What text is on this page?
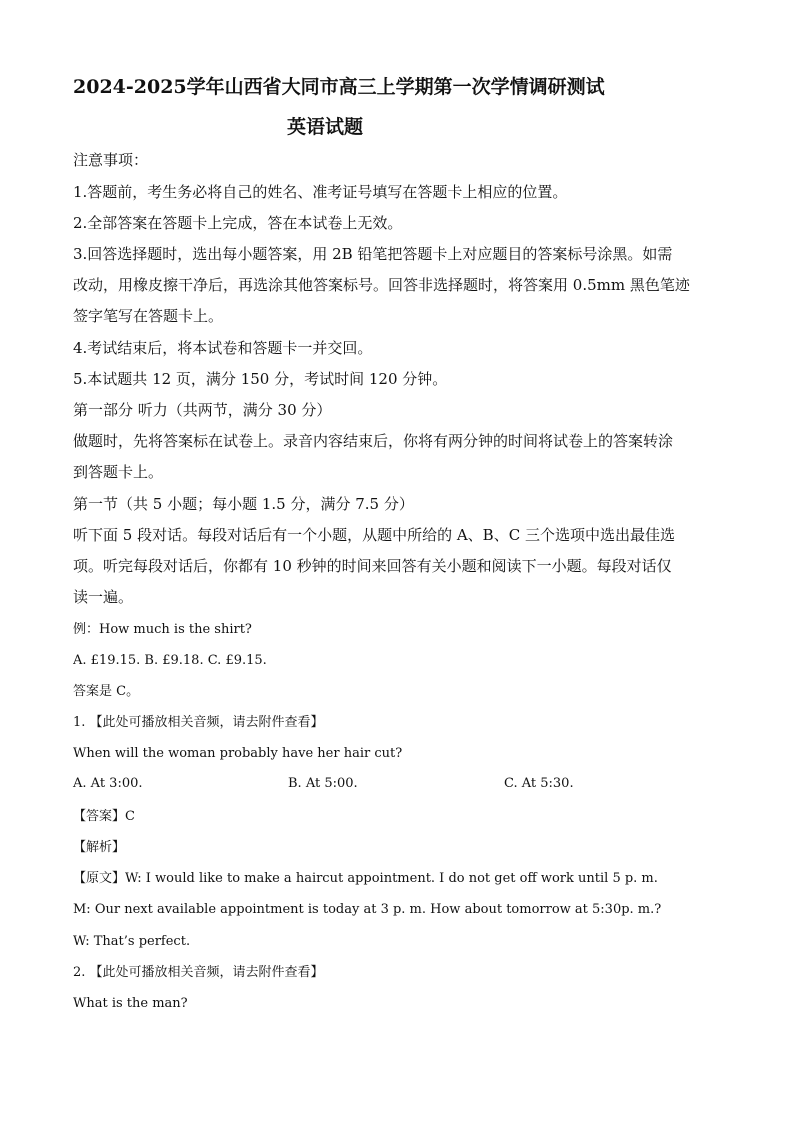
2024-2025学年山西省大同市高三上学期第一次学情调研测试
英语试题
注意事项：
1.答题前，考生务必将自己的姓名、准考证号填写在答题卡上相应的位置。
2.全部答案在答题卡上完成，答在本试卷上无效。
3.回答选择题时，选出每小题答案，用 2B 铅笔把答题卡上对应题目的答案标号涂黑。如需
改动，用橡皮擦干净后，再选涂其他答案标号。回答非选择题时，将答案用 0.5mm 黑色笔迹
签字笔写在答题卡上。
4.考试结束后，将本试卷和答题卡一并交回。
5.本试题共 12 页，满分 150 分，考试时间 120 分钟。
第一部分 听力（共两节，满分 30 分）
做题时，先将答案标在试卷上。录音内容结束后，你将有两分钟的时间将试卷上的答案转涂
到答题卡上。
第一节（共 5 小题；每小题 1.5 分，满分 7.5 分）
听下面 5 段对话。每段对话后有一个小题，从题中所给的 A、B、C 三个选项中选出最佳选
项。听完每段对话后，你都有 10 秒钟的时间来回答有关小题和阅读下一小题。每段对话仅
读一遍。
例：How much is the shirt?
A. £19.15. B. £9.18. C. £9.15.
答案是 C。
1. 【此处可播放相关音频，请去附件查看】
When will the woman probably have her hair cut?
A. At 3:00.	B. At 5:00.	C. At 5:30.
【答案】C
【解析】
【原文】W: I would like to make a haircut appointment. I do not get off work until 5 p. m.
M: Our next available appointment is today at 3 p. m. How about tomorrow at 5:30p. m.?
W: That’s perfect.
2. 【此处可播放相关音频，请去附件查看】
What is the man?
